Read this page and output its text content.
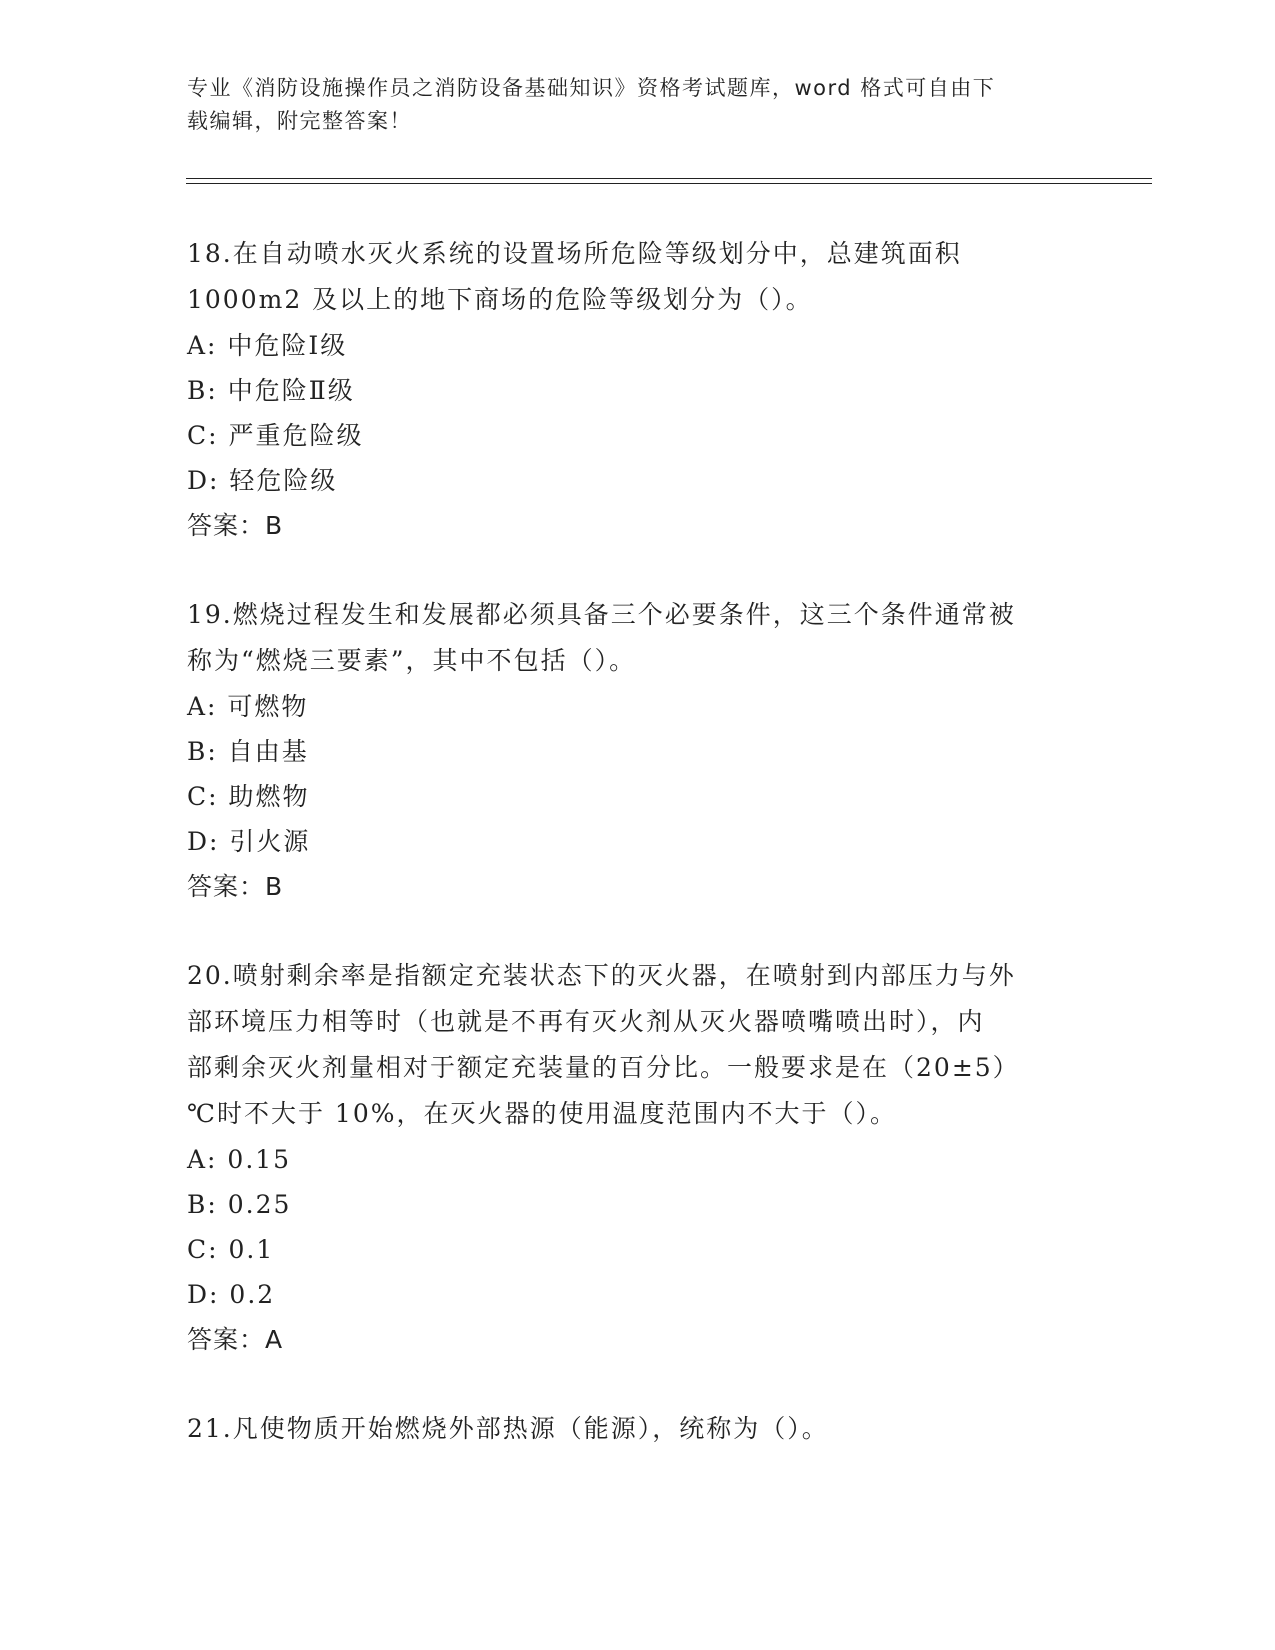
专业《消防设施操作员之消防设备基础知识》资格考试题库，word 格式可自由下
载编辑，附完整答案！
18.在自动喷水灭火系统的设置场所危险等级划分中，总建筑面积
1000m2 及以上的地下商场的危险等级划分为（）。
A: 中危险Ⅰ级
B: 中危险Ⅱ级
C: 严重危险级
D: 轻危险级
答案：B
19.燃烧过程发生和发展都必须具备三个必要条件，这三个条件通常被
称为“燃烧三要素”，其中不包括（）。
A: 可燃物
B: 自由基
C: 助燃物
D: 引火源
答案：B
20.喷射剩余率是指额定充装状态下的灭火器，在喷射到内部压力与外
部环境压力相等时（也就是不再有灭火剂从灭火器喷嘴喷出时），内
部剩余灭火剂量相对于额定充装量的百分比。一般要求是在（20±5）
℃时不大于 10%，在灭火器的使用温度范围内不大于（）。
A: 0.15
B: 0.25
C: 0.1
D: 0.2
答案：A
21.凡使物质开始燃烧外部热源（能源），统称为（）。
